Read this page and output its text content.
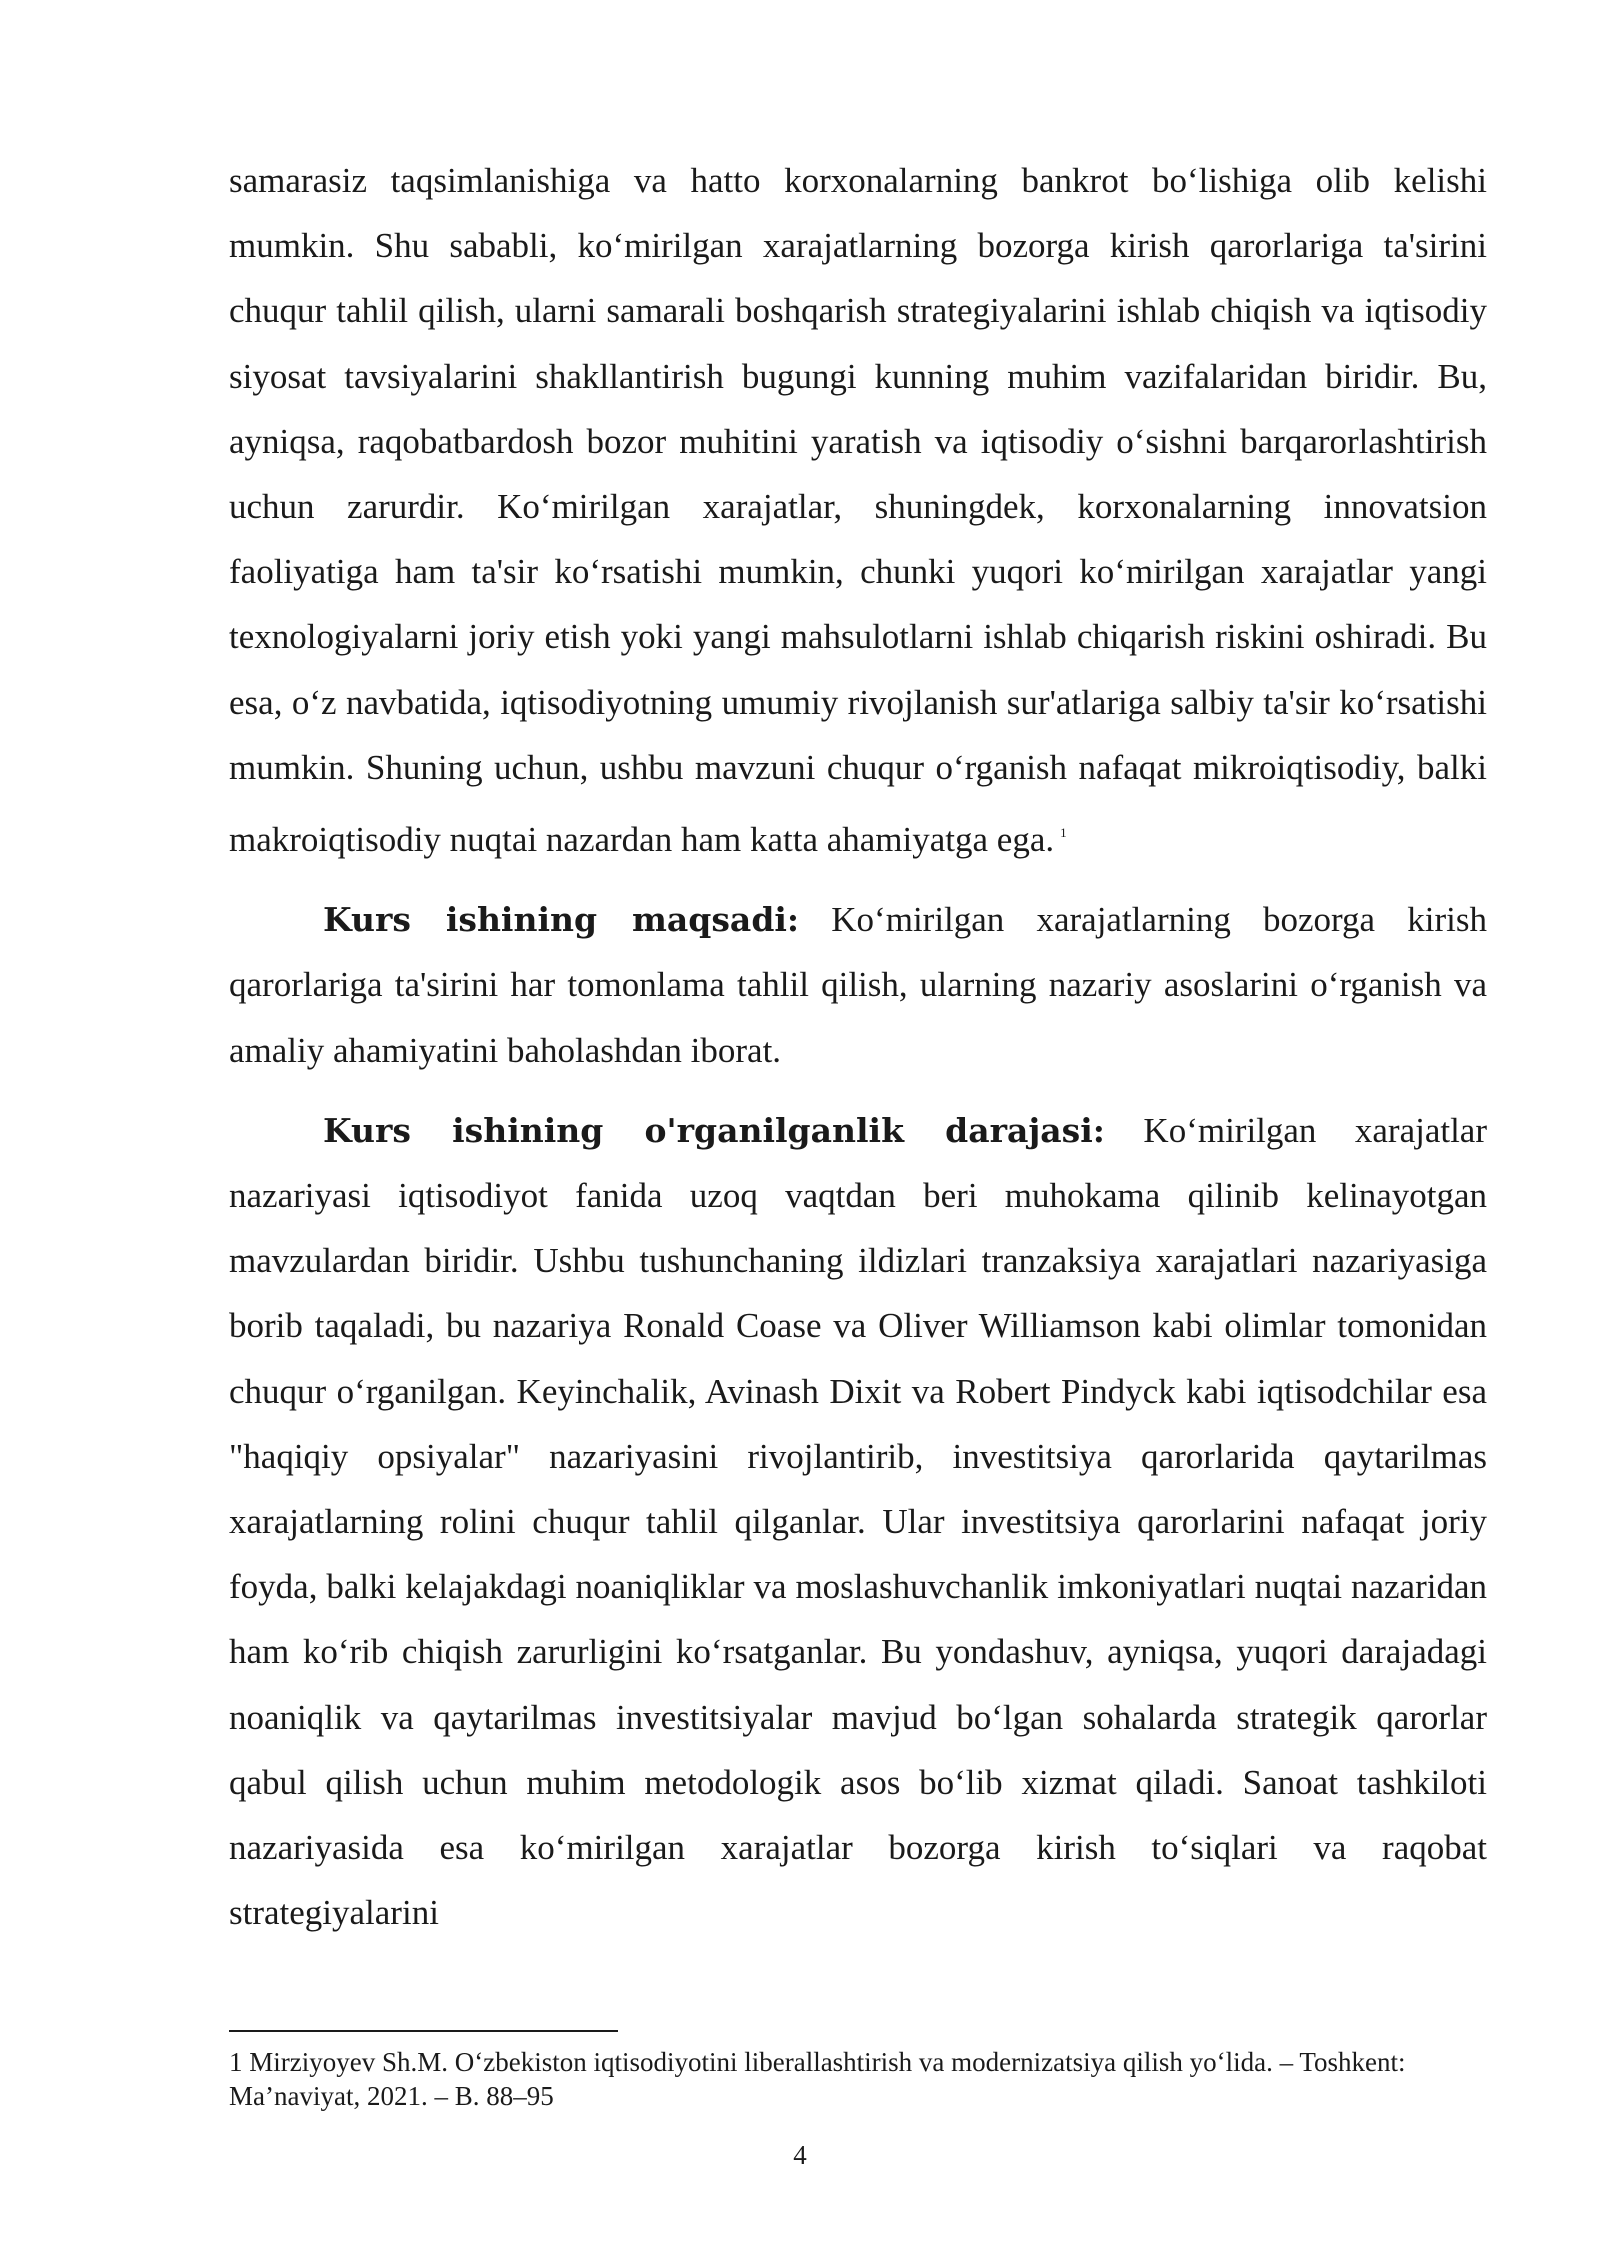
samarasiz taqsimlanishiga va hatto korxonalarning bankrot boʻlishiga olib kelishi mumkin. Shu sababli, koʻmirilgan xarajatlarning bozorga kirish qarorlariga ta'sirini chuqur tahlil qilish, ularni samarali boshqarish strategiyalarini ishlab chiqish va iqtisodiy siyosat tavsiyalarini shakllantirish bugungi kunning muhim vazifalaridan biridir. Bu, ayniqsa, raqobatbardosh bozor muhitini yaratish va iqtisodiy oʻsishni barqarorlashtirish uchun zarurdir. Koʻmirilgan xarajatlar, shuningdek, korxonalarning innovatsion faoliyatiga ham ta'sir koʻrsatishi mumkin, chunki yuqori koʻmirilgan xarajatlar yangi texnologiyalarni joriy etish yoki yangi mahsulotlarni ishlab chiqarish riskini oshiradi. Bu esa, oʻz navbatida, iqtisodiyotning umumiy rivojlanish sur'atlariga salbiy ta'sir koʻrsatishi mumkin. Shuning uchun, ushbu mavzuni chuqur oʻrganish nafaqat mikroiqtisodiy, balki makroiqtisodiy nuqtai nazardan ham katta ahamiyatga ega. $^1$

Kurs ishining maqsadi: Koʻmirilgan xarajatlarning bozorga kirish qarorlariga ta'sirini har tomonlama tahlil qilish, ularning nazariy asoslarini oʻrganish va amaliy ahamiyatini baholashdan iborat.

Kurs ishining o'rganilganlik darajasi: Koʻmirilgan xarajatlar nazariyasi iqtisodiyot fanida uzoq vaqtdan beri muhokama qilinib kelinayotgan mavzulardan biridir. Ushbu tushunchaning ildizlari tranzaksiya xarajatlari nazariyasiga borib taqaladi, bu nazariya Ronald Coase va Oliver Williamson kabi olimlar tomonidan chuqur oʻrganilgan. Keyinchalik, Avinash Dixit va Robert Pindyck kabi iqtisodchilar esa "haqiqiy opsiyalar" nazariyasini rivojlantirib, investitsiya qarorlarida qaytarilmas xarajatlarning rolini chuqur tahlil qilganlar. Ular investitsiya qarorlarini nafaqat joriy foyda, balki kelajakdagi noaniqliklar va moslashuvchanlik imkoniyatlari nuqtai nazaridan ham koʻrib chiqish zarurligini koʻrsatganlar. Bu yondashuv, ayniqsa, yuqori darajadagi noaniqlik va qaytarilmas investitsiyalar mavjud boʻlgan sohalarda strategik qarorlar qabul qilish uchun muhim metodologik asos boʻlib xizmat qiladi. Sanoat tashkiloti nazariyasida esa koʻmirilgan xarajatlar bozorga kirish toʻsiqlari va raqobat strategiyalarini

1 Mirziyoyev Sh.M. Oʻzbekiston iqtisodiyotini liberallashtirish va modernizatsiya qilish yoʻlida. – Toshkent: Ma’naviyat, 2021. – B. 88–95

4
